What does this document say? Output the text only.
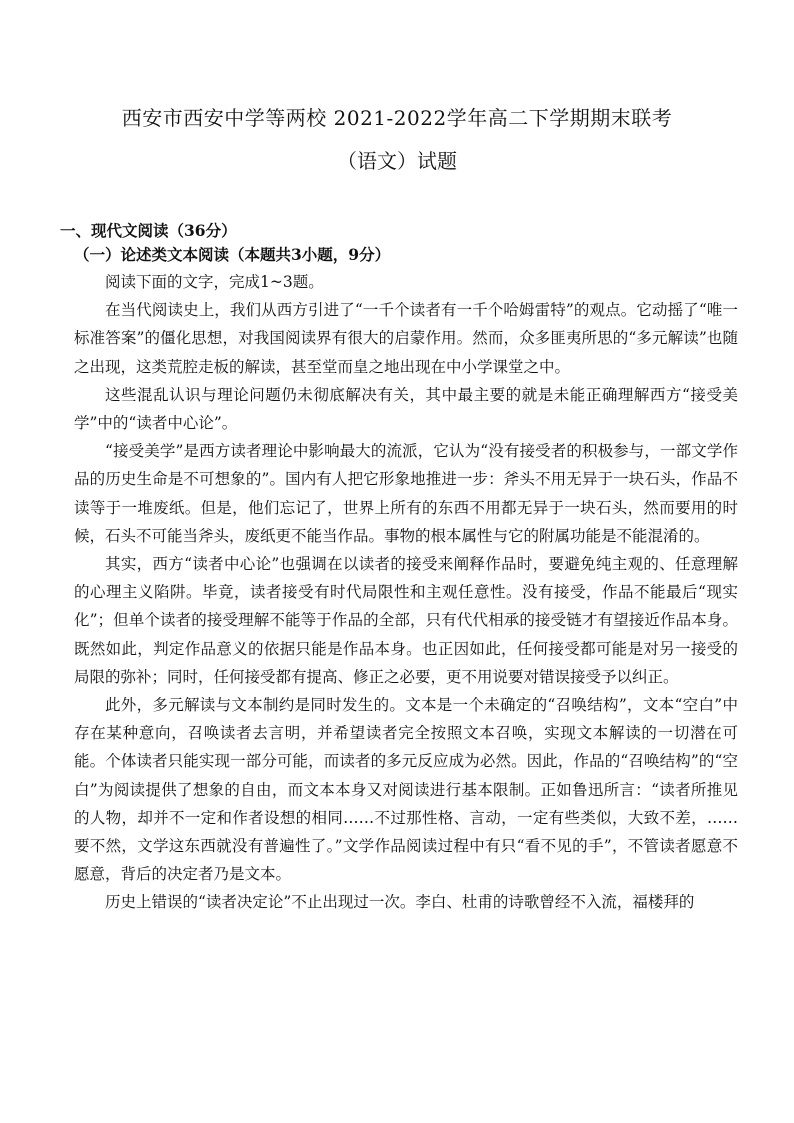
西安市西安中学等两校 2021-2022学年高二下学期期末联考
（语文）试题
一、现代文阅读（36分）
（一）论述类文本阅读（本题共3小题，9分）

阅读下面的文字，完成1~3题。

在当代阅读史上，我们从西方引进了“一千个读者有一千个哈姆雷特”的观点。它动摇了“唯一标准答案”的僵化思想，对我国阅读界有很大的启蒙作用。然而，众多匪夷所思的“多元解读”也随之出现，这类荒腔走板的解读，甚至堂而皇之地出现在中小学课堂之中。

这些混乱认识与理论问题仍未彻底解决有关，其中最主要的就是未能正确理解西方“接受美学”中的“读者中心论”。

“接受美学”是西方读者理论中影响最大的流派，它认为“没有接受者的积极参与，一部文学作品的历史生命是不可想象的”。国内有人把它形象地推进一步：斧头不用无异于一块石头，作品不读等于一堆废纸。但是，他们忘记了，世界上所有的东西不用都无异于一块石头，然而要用的时候，石头不可能当斧头，废纸更不能当作品。事物的根本属性与它的附属功能是不能混淆的。

其实，西方“读者中心论”也强调在以读者的接受来阐释作品时，要避免纯主观的、任意理解的心理主义陷阱。毕竟，读者接受有时代局限性和主观任意性。没有接受，作品不能最后“现实化”；但单个读者的接受理解不能等于作品的全部，只有代代相承的接受链才有望接近作品本身。既然如此，判定作品意义的依据只能是作品本身。也正因如此，任何接受都可能是对另一接受的局限的弥补；同时，任何接受都有提高、修正之必要，更不用说要对错误接受予以纠正。

此外，多元解读与文本制约是同时发生的。文本是一个未确定的“召唤结构”，文本“空白”中存在某种意向，召唤读者去言明，并希望读者完全按照文本召唤，实现文本解读的一切潜在可能。个体读者只能实现一部分可能，而读者的多元反应成为必然。因此，作品的“召唤结构”的“空白”为阅读提供了想象的自由，而文本本身又对阅读进行基本限制。正如鲁迅所言：“读者所推见的人物，却并不一定和作者设想的相同……不过那性格、言动，一定有些类似，大致不差，……要不然，文学这东西就没有普遍性了。”文学作品阅读过程中有只“看不见的手”，不管读者愿意不愿意，背后的决定者乃是文本。

历史上错误的“读者决定论”不止出现过一次。李白、杜甫的诗歌曾经不入流，福楼拜的
